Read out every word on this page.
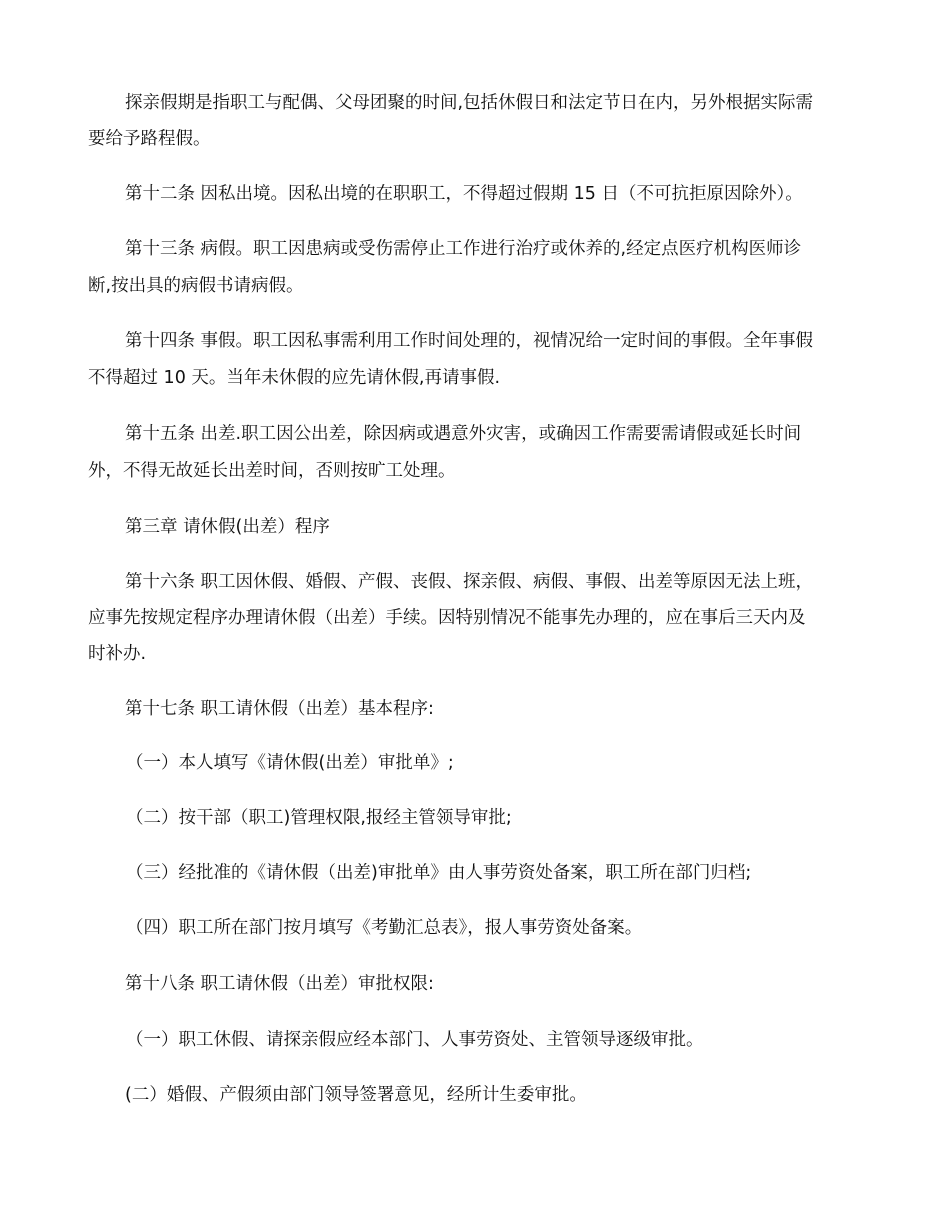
探亲假期是指职工与配偶、父母团聚的时间,包括休假日和法定节日在内，另外根据实际需
要给予路程假。
第十二条 因私出境。因私出境的在职职工，不得超过假期 15 日（不可抗拒原因除外）。
第十三条 病假。职工因患病或受伤需停止工作进行治疗或休养的,经定点医疗机构医师诊
断,按出具的病假书请病假。
第十四条 事假。职工因私事需利用工作时间处理的，视情况给一定时间的事假。全年事假
不得超过 10 天。当年未休假的应先请休假,再请事假.
第十五条 出差.职工因公出差，除因病或遇意外灾害，或确因工作需要需请假或延长时间
外，不得无故延长出差时间，否则按旷工处理。
第三章 请休假(出差）程序
第十六条 职工因休假、婚假、产假、丧假、探亲假、病假、事假、出差等原因无法上班，
应事先按规定程序办理请休假（出差）手续。因特别情况不能事先办理的，应在事后三天内及
时补办.
第十七条 职工请休假（出差）基本程序:
（一）本人填写《请休假(出差）审批单》;
（二）按干部（职工)管理权限,报经主管领导审批;
（三）经批准的《请休假（出差)审批单》由人事劳资处备案，职工所在部门归档;
（四）职工所在部门按月填写《考勤汇总表》，报人事劳资处备案。
第十八条 职工请休假（出差）审批权限:
（一）职工休假、请探亲假应经本部门、人事劳资处、主管领导逐级审批。
(二）婚假、产假须由部门领导签署意见，经所计生委审批。
